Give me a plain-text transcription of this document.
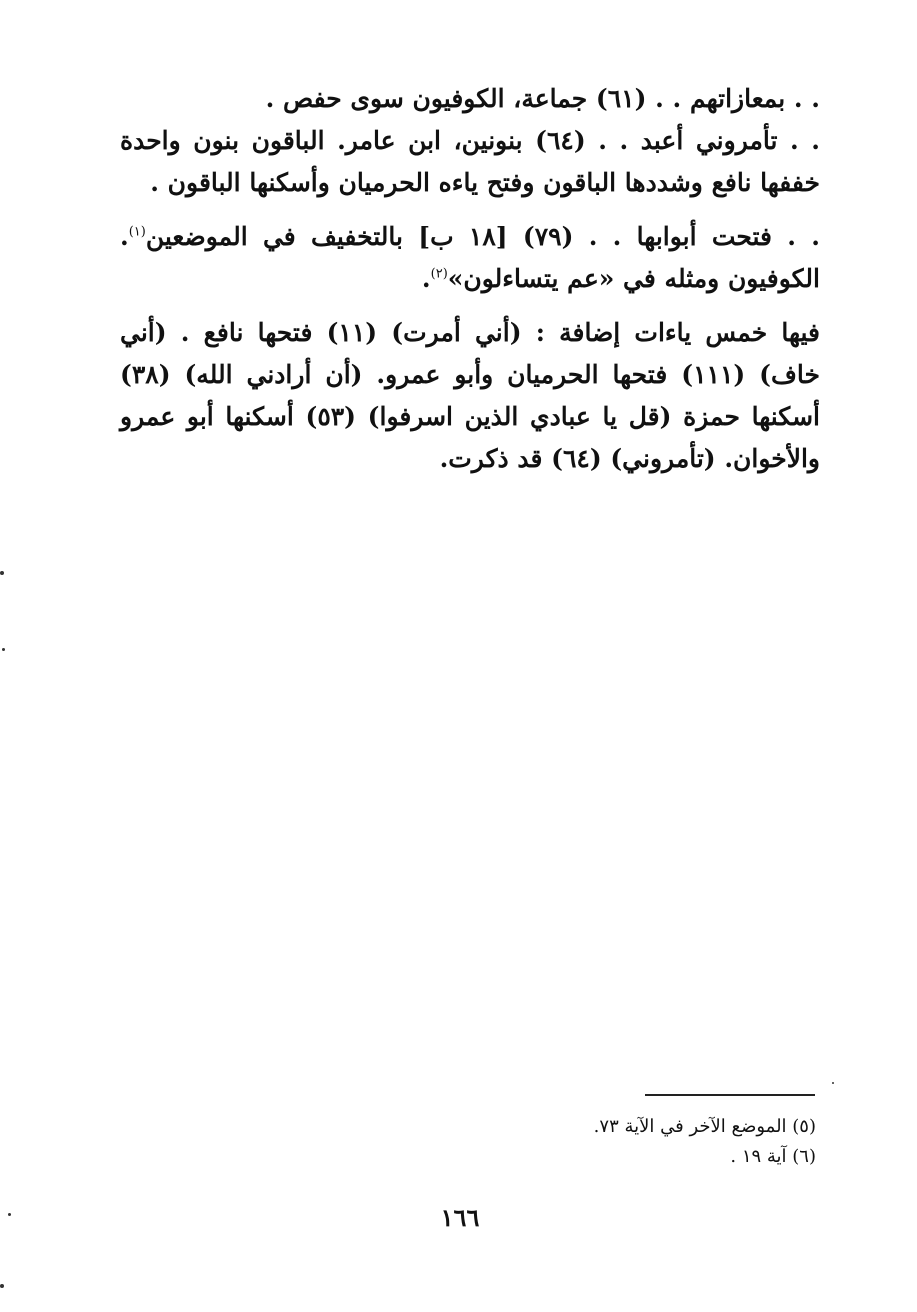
. . بمعازاتهم . . (٦١) جماعة، الكوفيون سوى حفص .

. . تأمروني أعبد . . (٦٤) بنونين، ابن عامر. الباقون بنون واحدة خففها نافع وشددها الباقون وفتح ياءه الحرميان وأسكنها الباقون .

. . فتحت أبوابها . . (٧٩) [١٨ ب] بالتخفيف في الموضعين$^{(١)}$. الكوفيون ومثله في «عم يتساءلون»$^{(٢)}$.

فيها خمس ياءات إضافة : (أني أمرت) (١١) فتحها نافع . (أني خاف) (١١١) فتحها الحرميان وأبو عمرو. (أن أرادني الله) (٣٨) أسكنها حمزة (قل يا عبادي الذين اسرفوا) (٥٣) أسكنها أبو عمرو والأخوان. (تأمروني) (٦٤) قد ذكرت.

(٥) الموضع الآخر في الآية ٧٣.

(٦) آية ١٩ .

١٦٦
